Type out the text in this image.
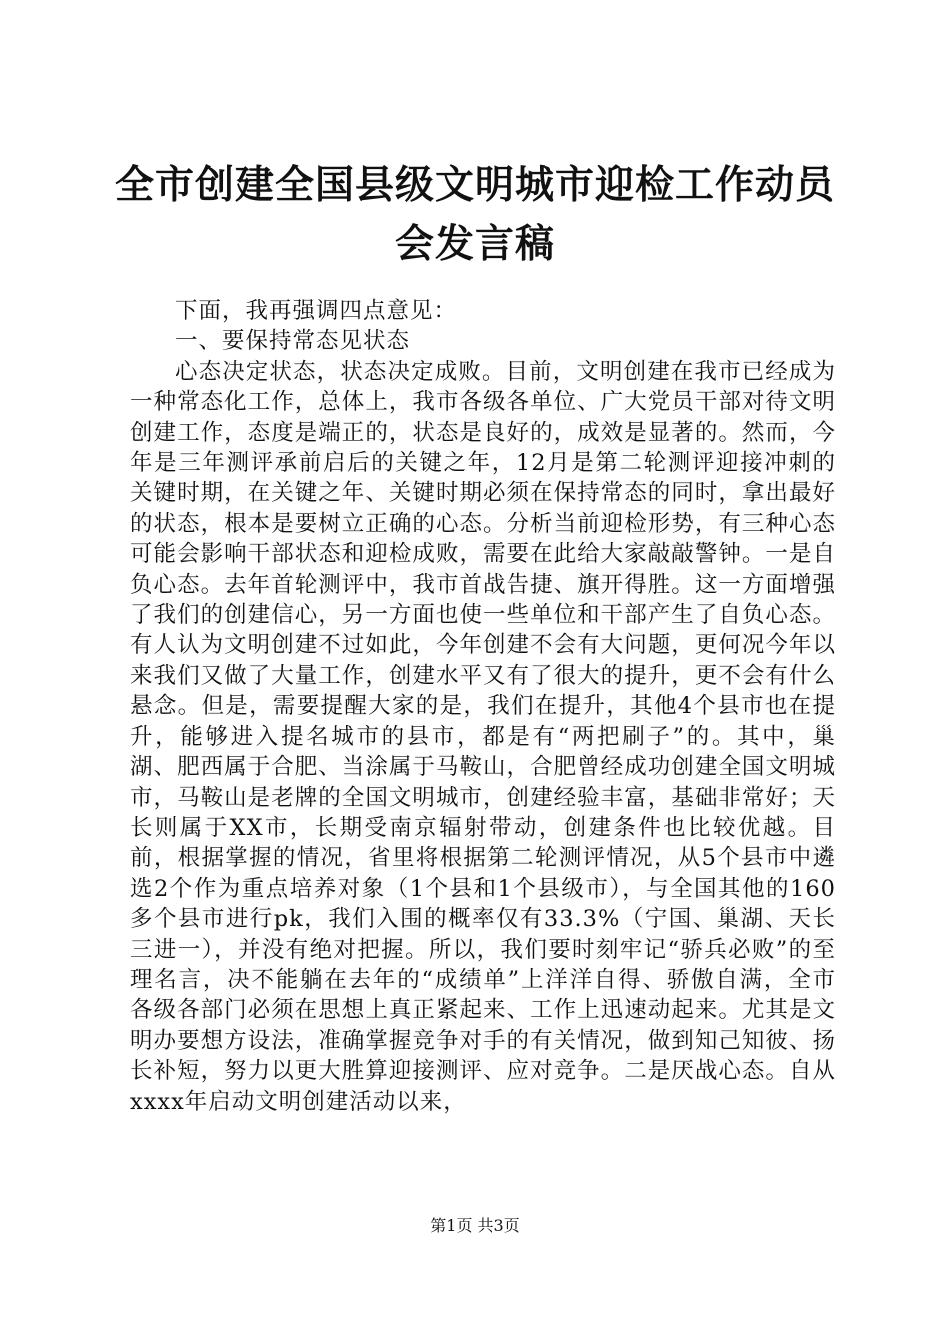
全市创建全国县级文明城市迎检工作动员会发言稿

下面，我再强调四点意见：

一、要保持常态见状态

心态决定状态，状态决定成败。目前，文明创建在我市已经成为一种常态化工作，总体上，我市各级各单位、广大党员干部对待文明创建工作，态度是端正的，状态是良好的，成效是显著的。然而，今年是三年测评承前启后的关键之年，12月是第二轮测评迎接冲刺的关键时期，在关键之年、关键时期必须在保持常态的同时，拿出最好的状态，根本是要树立正确的心态。分析当前迎检形势，有三种心态可能会影响干部状态和迎检成败，需要在此给大家敲敲警钟。一是自负心态。去年首轮测评中，我市首战告捷、旗开得胜。这一方面增强了我们的创建信心，另一方面也使一些单位和干部产生了自负心态。有人认为文明创建不过如此，今年创建不会有大问题，更何况今年以来我们又做了大量工作，创建水平又有了很大的提升，更不会有什么悬念。但是，需要提醒大家的是，我们在提升，其他4个县市也在提升，能够进入提名城市的县市，都是有“两把刷子”的。其中，巢湖、肥西属于合肥、当涂属于马鞍山，合肥曾经成功创建全国文明城市，马鞍山是老牌的全国文明城市，创建经验丰富，基础非常好；天长则属于XX市，长期受南京辐射带动，创建条件也比较优越。目前，根据掌握的情况，省里将根据第二轮测评情况，从5个县市中遴选2个作为重点培养对象（1个县和1个县级市），与全国其他的160多个县市进行pk，我们入围的概率仅有33.3%（宁国、巢湖、天长三进一），并没有绝对把握。所以，我们要时刻牢记“骄兵必败”的至理名言，决不能躺在去年的“成绩单”上洋洋自得、骄傲自满，全市各级各部门必须在思想上真正紧起来、工作上迅速动起来。尤其是文明办要想方设法，准确掌握竞争对手的有关情况，做到知己知彼、扬长补短，努力以更大胜算迎接测评、应对竞争。二是厌战心态。自从xxxx年启动文明创建活动以来，

第1页 共3页
